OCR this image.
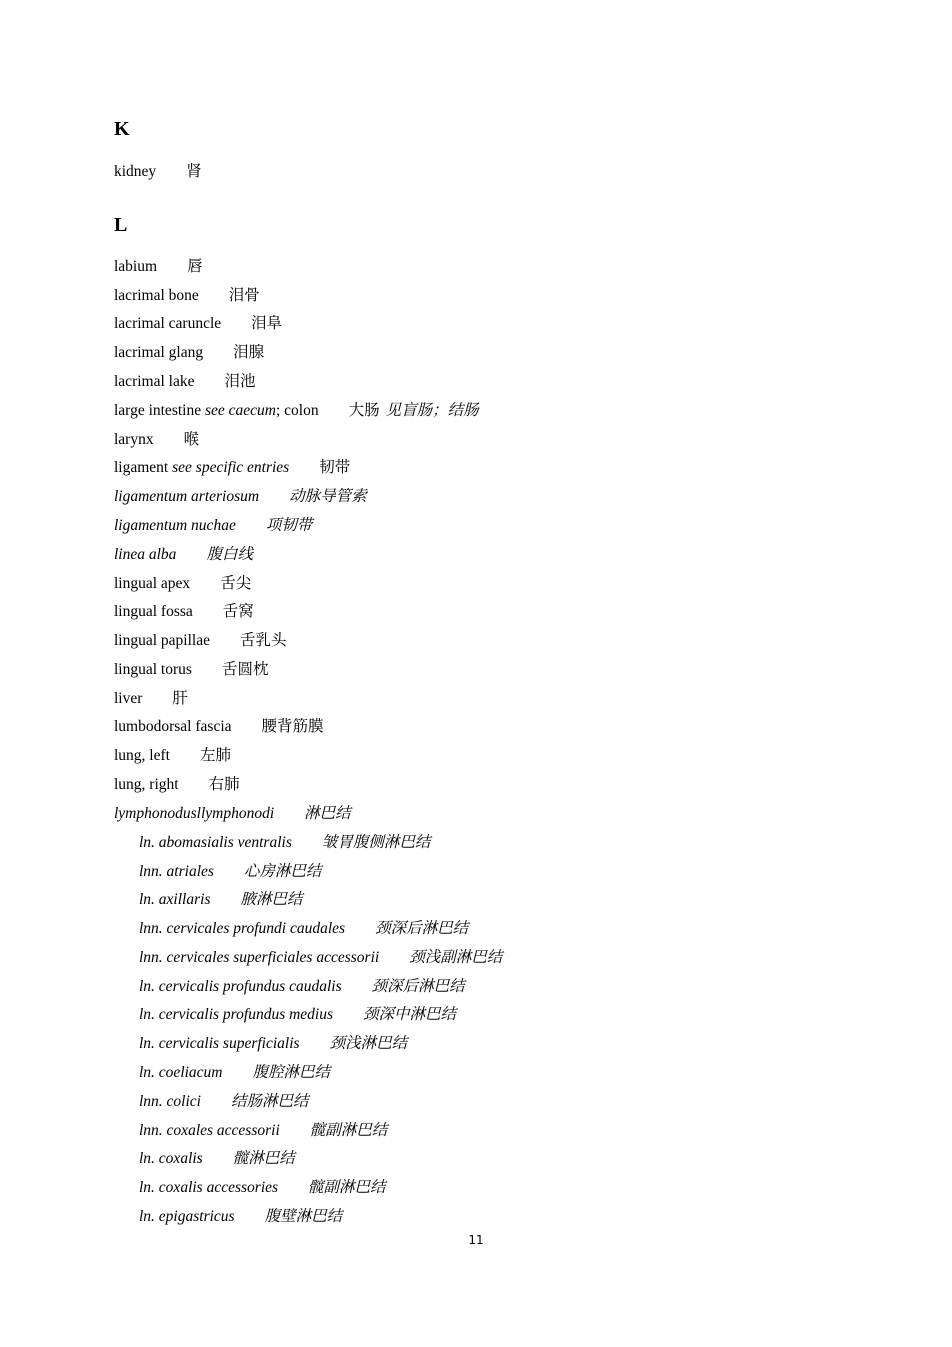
K
kidney 肾
L
labium 唇
lacrimal bone 泪骨
lacrimal caruncle 泪阜
lacrimal glang 泪腺
lacrimal lake 泪池
large intestine see caecum; colon 大肠 见盲肠；结肠
larynx 喉
ligament see specific entries 韧带
ligamentum arteriosum 动脉导管索
ligamentum nuchae 项韧带
linea alba 腹白线
lingual apex 舌尖
lingual fossa 舌窝
lingual papillae 舌乳头
lingual torus 舌圆枕
liver 肝
lumbodorsal fascia 腰背筋膜
lung, left 左肺
lung, right 右肺
lymphonodusllymphonodi 淋巴结
ln. abomasialis ventralis 皱胃腹侧淋巴结
lnn. atriales 心房淋巴结
ln. axillaris 腋淋巴结
lnn. cervicales profundi caudales 颈深后淋巴结
lnn. cervicales superficiales accessorii 颈浅副淋巴结
ln. cervicalis profundus caudalis 颈深后淋巴结
ln. cervicalis profundus medius 颈深中淋巴结
ln. cervicalis superficialis 颈浅淋巴结
ln. coeliacum 腹腔淋巴结
lnn. colici 结肠淋巴结
lnn. coxales accessorii 髋副淋巴结
ln. coxalis 髋淋巴结
ln. coxalis accessories 髋副淋巴结
ln. epigastricus 腹壁淋巴结
11
